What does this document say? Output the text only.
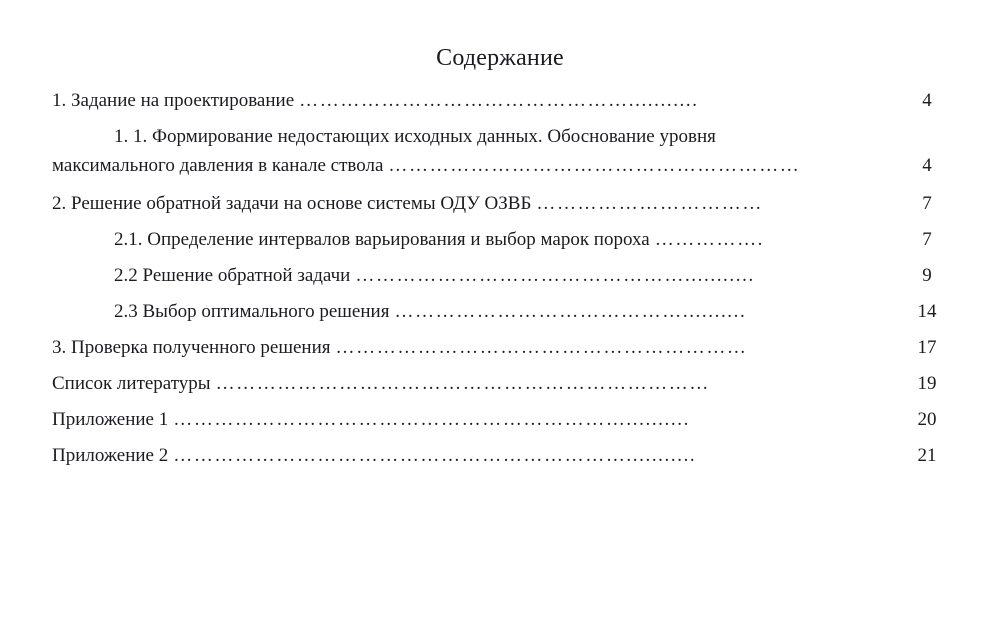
Содержание
1. Задание на проектирование …………………………………………...........	4
1. 1. Формирование недостающих исходных данных. Обоснование уровня
максимального давления в канале ствола ……………………………………………………	4
2. Решение обратной задачи на основе системы ОДУ ОЗВБ ……………………………	7
2.1. Определение интервалов варьирования и выбор марок пороха …………….	7
2.2 Решение обратной задачи …………………………………………...........	9
2.3 Выбор оптимального решения ……………………………………..........	14
3. Проверка полученного решения ……………………………………………………	17
Список литературы ………………………………………………………………	19
Приложение 1 …………………………………………………………..........	20
Приложение 2 …………………………………………………………...........	21
